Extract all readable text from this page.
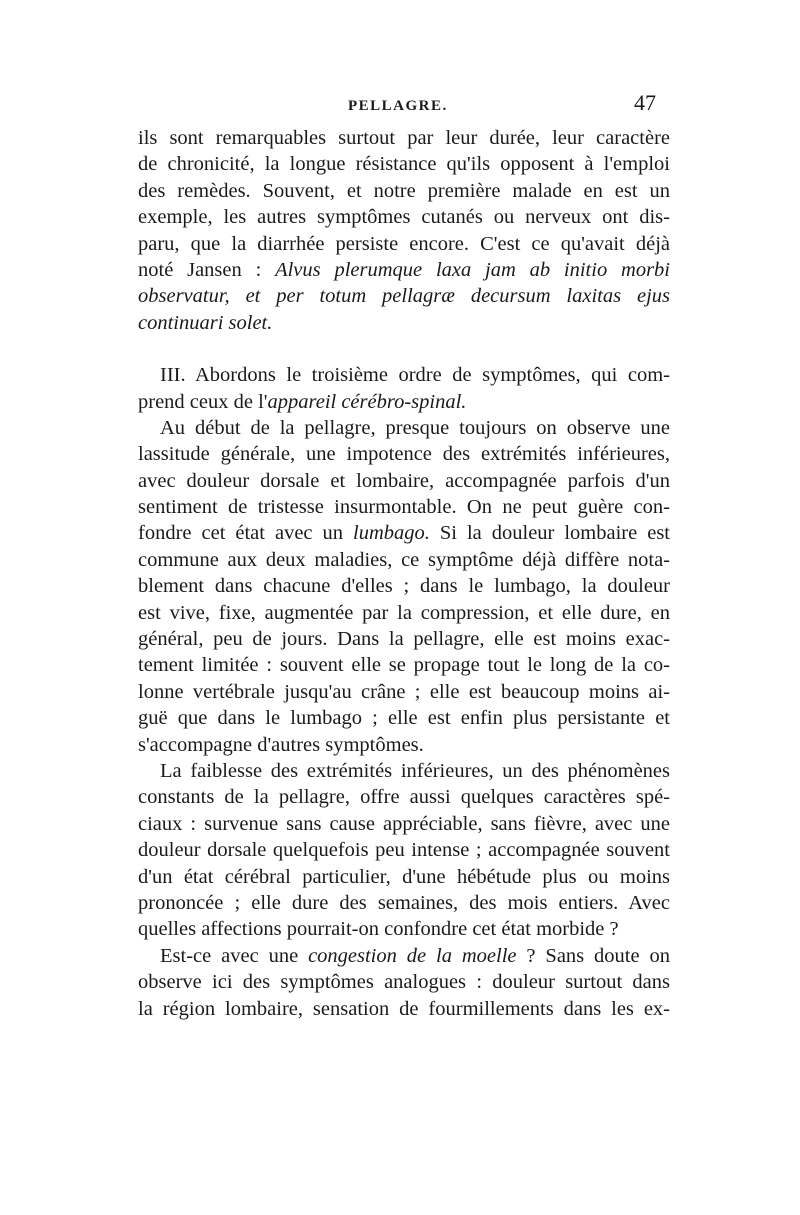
PELLAGRE.	47
ils sont remarquables surtout par leur durée, leur caractère
de chronicité, la longue résistance qu'ils opposent à l'emploi
des remèdes. Souvent, et notre première malade en est un
exemple, les autres symptômes cutanés ou nerveux ont dis-
paru, que la diarrhée persiste encore. C'est ce qu'avait déjà
noté Jansen : Alvus plerumque laxa jam ab initio morbi
observatur, et per totum pellagræ decursum laxitas ejus
continuari solet.
III. Abordons le troisième ordre de symptômes, qui com-
prend ceux de l'appareil cérébro-spinal.
Au début de la pellagre, presque toujours on observe une
lassitude générale, une impotence des extrémités inférieures,
avec douleur dorsale et lombaire, accompagnée parfois d'un
sentiment de tristesse insurmontable. On ne peut guère con-
fondre cet état avec un lumbago. Si la douleur lombaire est
commune aux deux maladies, ce symptôme déjà diffère nota-
blement dans chacune d'elles ; dans le lumbago, la douleur
est vive, fixe, augmentée par la compression, et elle dure, en
général, peu de jours. Dans la pellagre, elle est moins exac-
tement limitée : souvent elle se propage tout le long de la co-
lonne vertébrale jusqu'au crâne ; elle est beaucoup moins ai-
guë que dans le lumbago ; elle est enfin plus persistante et
s'accompagne d'autres symptômes.
La faiblesse des extrémités inférieures, un des phénomènes
constants de la pellagre, offre aussi quelques caractères spé-
ciaux : survenue sans cause appréciable, sans fièvre, avec une
douleur dorsale quelquefois peu intense ; accompagnée souvent
d'un état cérébral particulier, d'une hébétude plus ou moins
prononcée ; elle dure des semaines, des mois entiers. Avec
quelles affections pourrait-on confondre cet état morbide ?
Est-ce avec une congestion de la moelle ? Sans doute on
observe ici des symptômes analogues : douleur surtout dans
la région lombaire, sensation de fourmillements dans les ex-
